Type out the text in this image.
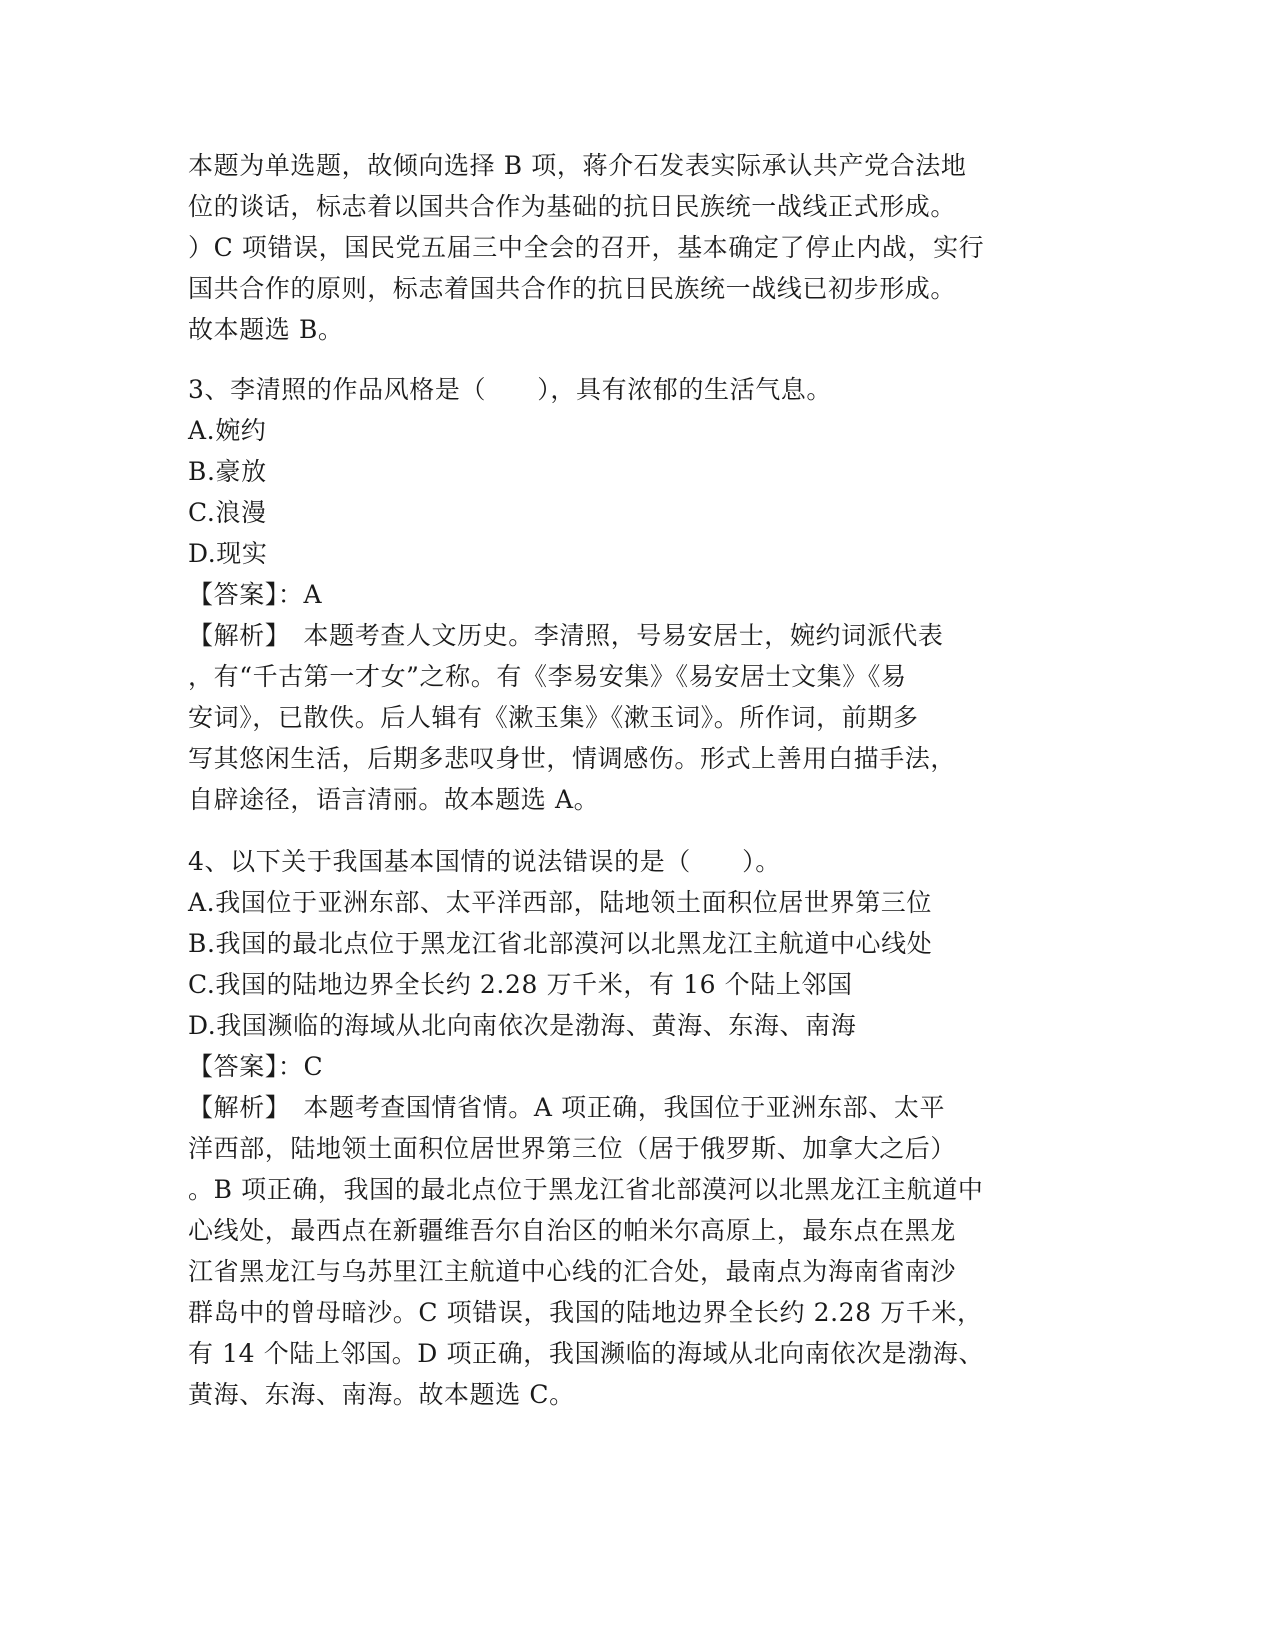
本题为单选题，故倾向选择 B 项，蒋介石发表实际承认共产党合法地
位的谈话，标志着以国共合作为基础的抗日民族统一战线正式形成。
）C 项错误，国民党五届三中全会的召开，基本确定了停止内战，实行
国共合作的原则，标志着国共合作的抗日民族统一战线已初步形成。
故本题选 B。
3、李清照的作品风格是（　　），具有浓郁的生活气息。
A.婉约
B.豪放
C.浪漫
D.现实
【答案】：A
【解析】　本题考查人文历史。李清照，号易安居士，婉约词派代表
，有“千古第一才女”之称。有《李易安集》《易安居士文集》《易
安词》，已散佚。后人辑有《漱玉集》《漱玉词》。所作词，前期多
写其悠闲生活，后期多悲叹身世，情调感伤。形式上善用白描手法，
自辟途径，语言清丽。故本题选 A。
4、以下关于我国基本国情的说法错误的是（　　）。
A.我国位于亚洲东部、太平洋西部，陆地领土面积位居世界第三位
B.我国的最北点位于黑龙江省北部漠河以北黑龙江主航道中心线处
C.我国的陆地边界全长约 2.28 万千米，有 16 个陆上邻国
D.我国濒临的海域从北向南依次是渤海、黄海、东海、南海
【答案】：C
【解析】　本题考查国情省情。A 项正确，我国位于亚洲东部、太平
洋西部，陆地领土面积位居世界第三位（居于俄罗斯、加拿大之后）
。B 项正确，我国的最北点位于黑龙江省北部漠河以北黑龙江主航道中
心线处，最西点在新疆维吾尔自治区的帕米尔高原上，最东点在黑龙
江省黑龙江与乌苏里江主航道中心线的汇合处，最南点为海南省南沙
群岛中的曾母暗沙。C 项错误，我国的陆地边界全长约 2.28 万千米，
有 14 个陆上邻国。D 项正确，我国濒临的海域从北向南依次是渤海、
黄海、东海、南海。故本题选 C。
